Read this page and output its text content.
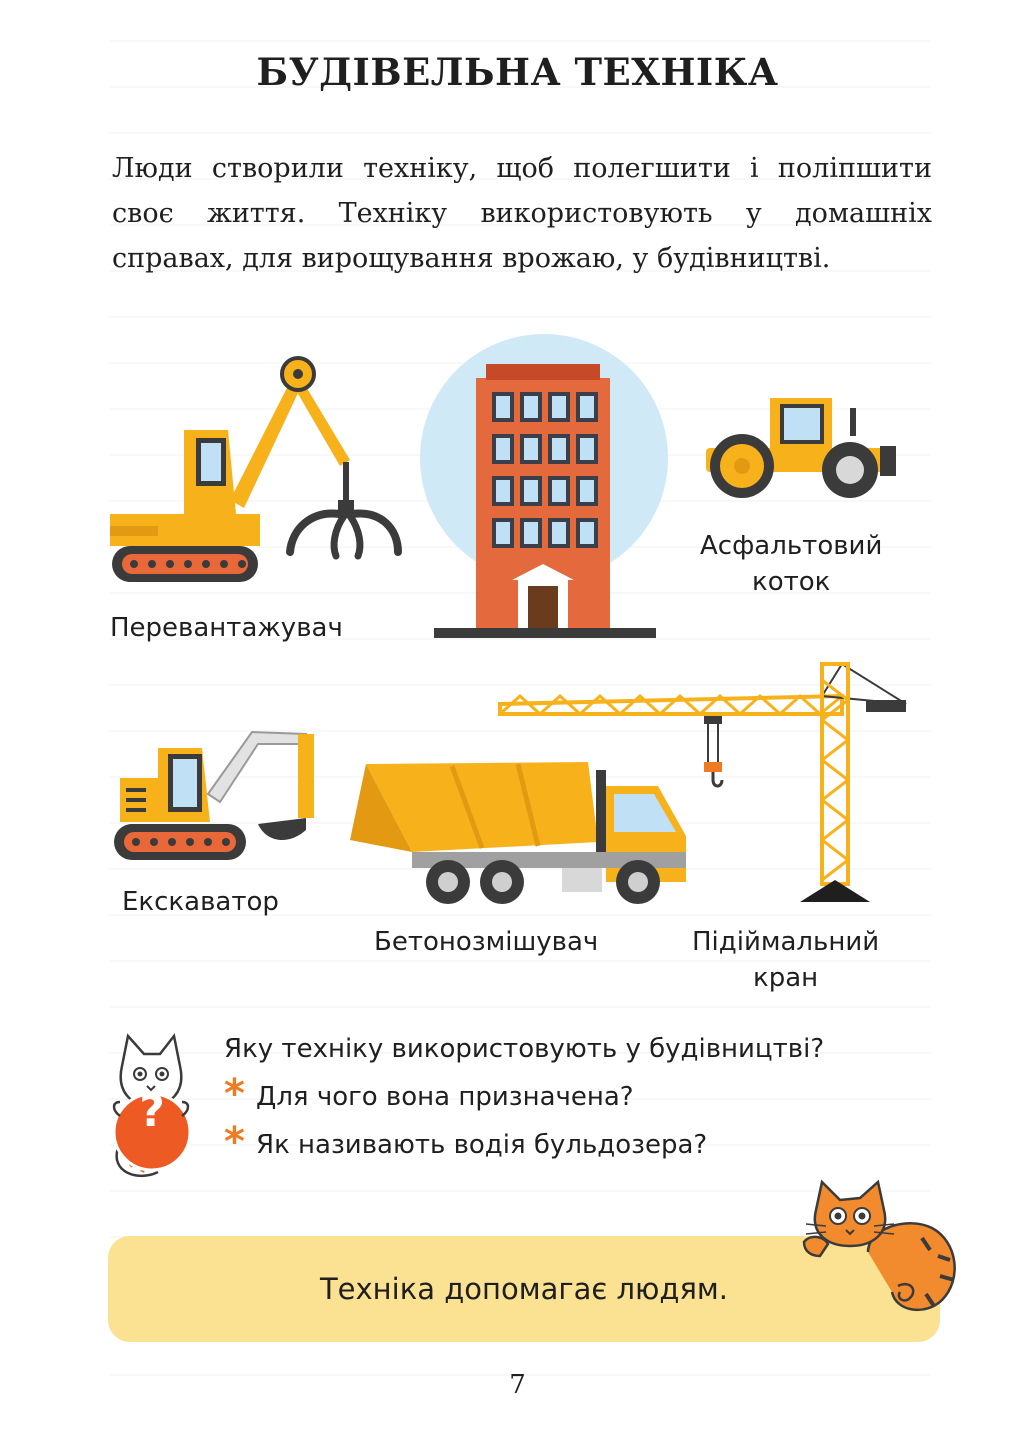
БУДІВЕЛЬНА ТЕХНІКА
Люди створили техніку, щоб полегшити і поліпшити своє життя. Техніку використовують у домашніх справах, для вирощування врожаю, у будівництві.
Перевантажувач
Асфальтовий
коток
Екскаватор
Бетонозмішувач	Підіймальний
кран
?
Яку техніку використовують у будівництві?
* Для чого вона призначена?
* Як називають водія бульдозера?
Техніка допомагає людям.
7
